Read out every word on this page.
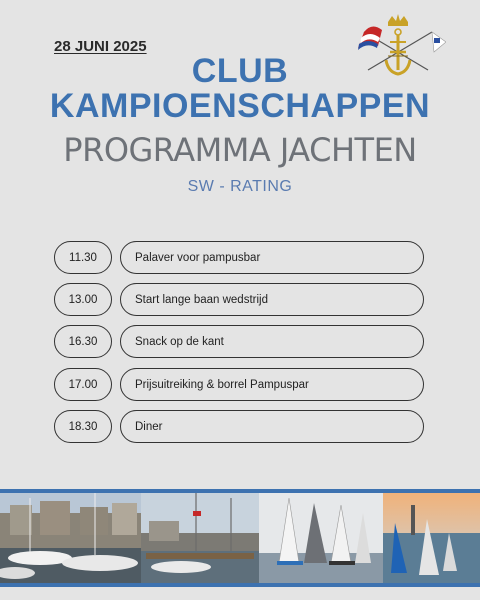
28 JUNI 2025
CLUB
KAMPIOENSCHAPPEN
PROGRAMMA JACHTEN
SW - RATING
11.30	Palaver voor pampusbar
13.00	Start lange baan wedstrijd
16.30	Snack op de kant
17.00	Prijsuitreiking & borrel Pampuspar
18.30	Diner
